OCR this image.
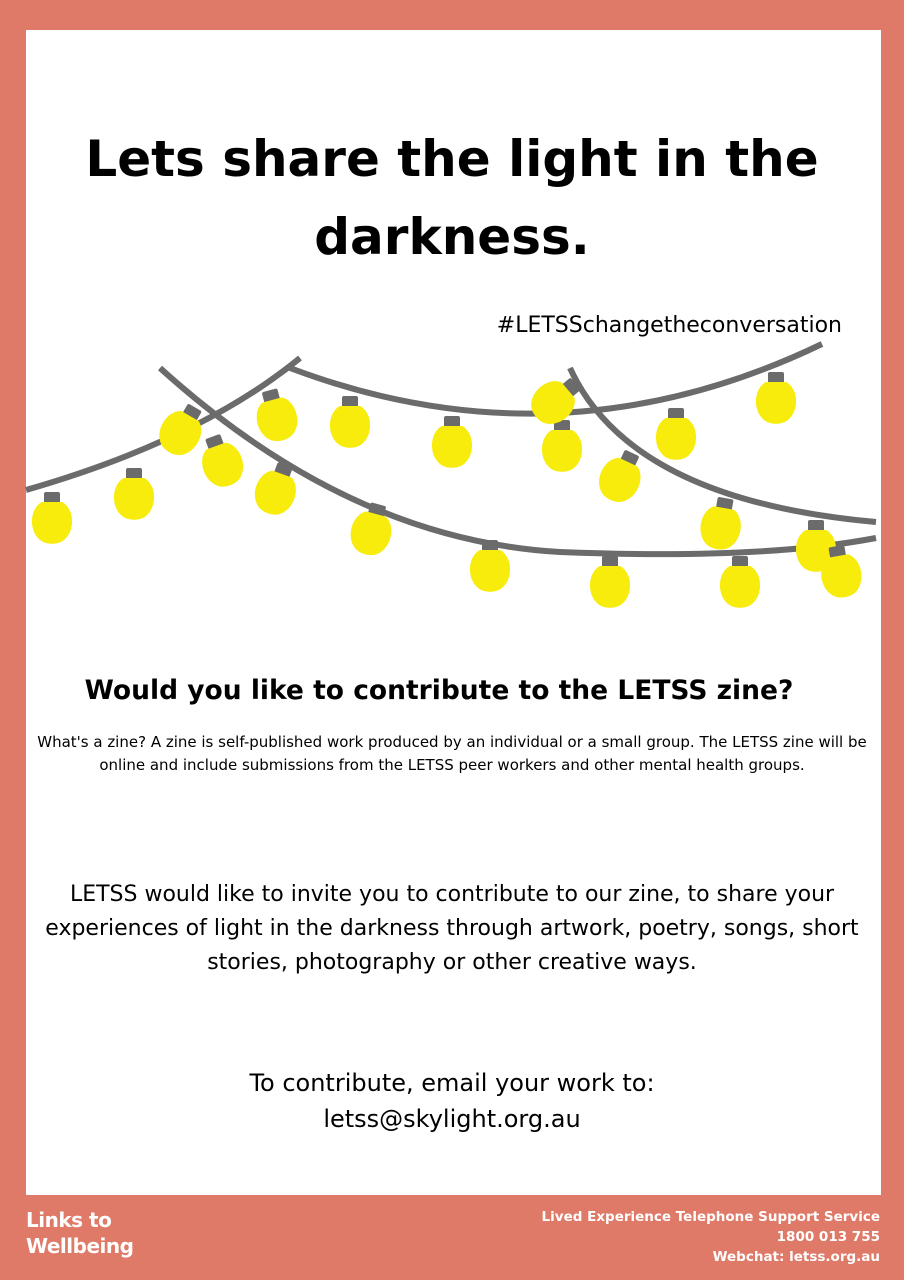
Lets share the light in the
darkness.
#LETSSchangetheconversation
Would you like to contribute to the LETSS zine?
What's a zine? A zine is self-published work produced by an individual or a small group. The LETSS zine will be online and include submissions from the LETSS peer workers and other mental health groups.
LETSS would like to invite you to contribute to our zine, to share your experiences of light in the darkness through artwork, poetry, songs, short stories, photography or other creative ways.
To contribute, email your work to:
letss@skylight.org.au
Links to
Wellbeing
Lived Experience Telephone Support Service
1800 013 755
Webchat: letss.org.au
